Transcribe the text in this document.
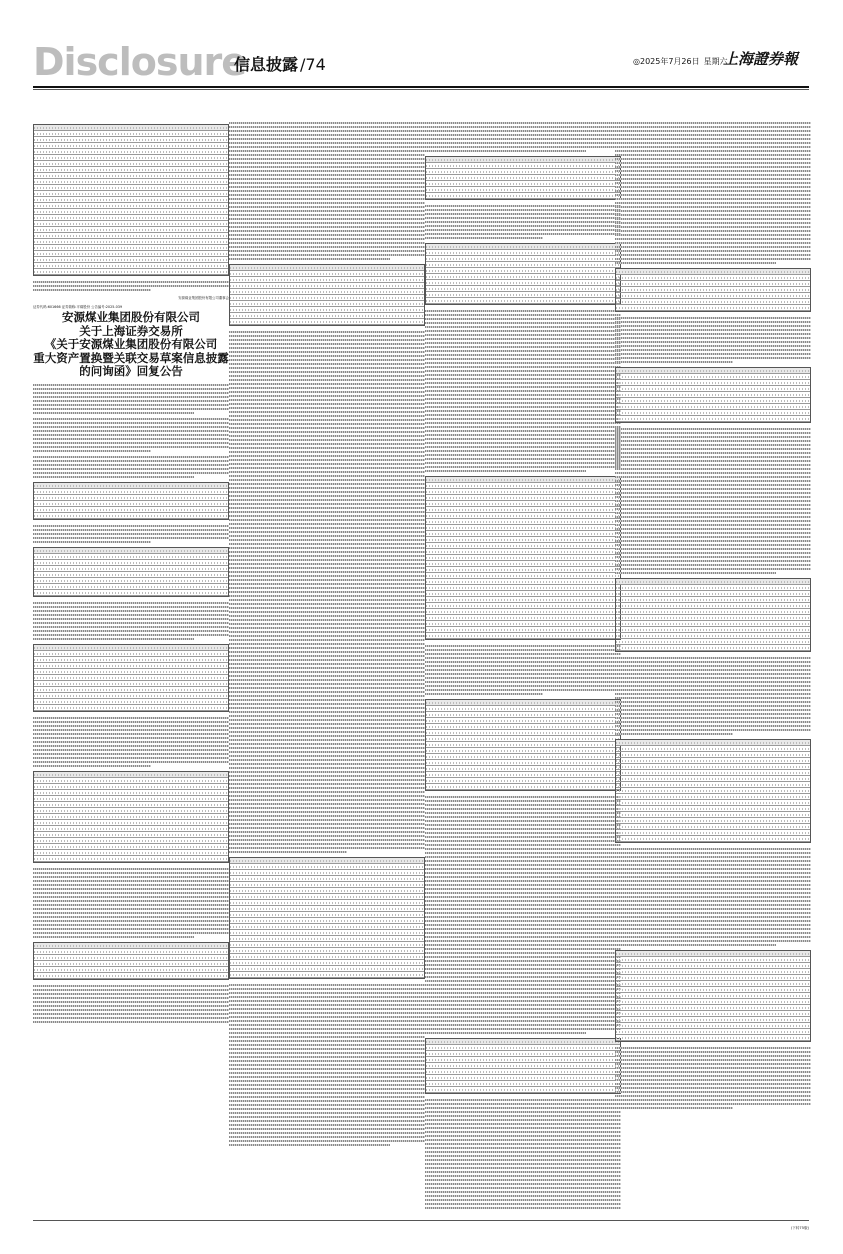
Disclosure
信息披露 /74	◎2025年7月26日 星期六
上海證券報
安源煤业集团股份有限公司董事会
证券代码:601666 证券简称:平煤股份 公告编号:2025-039
安源煤业集团股份有限公司
关于上海证券交易所
《关于安源煤业集团股份有限公司
重大资产置换暨关联交易草案信息披露
的问询函》回复公告
(下转75版)
